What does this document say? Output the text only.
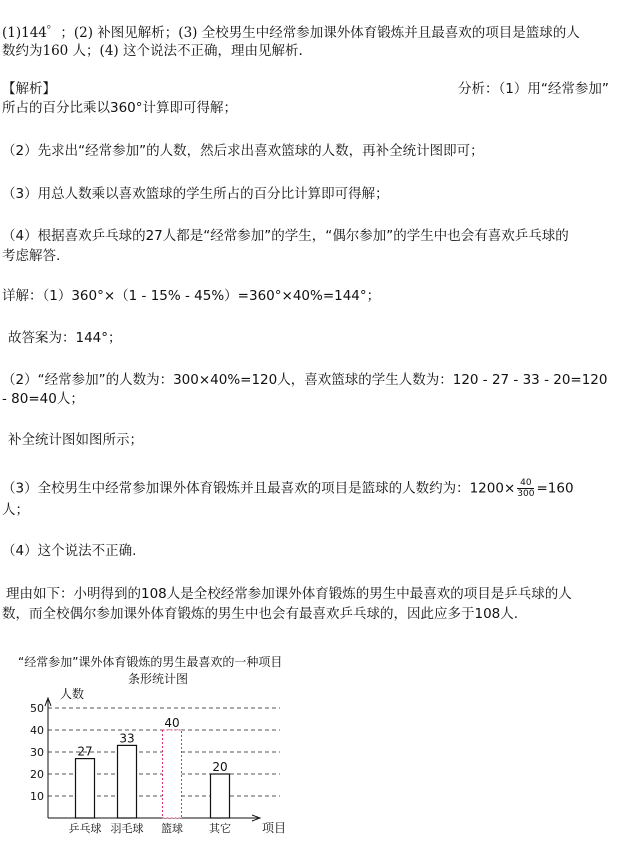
(1)144゜；(2) 补图见解析；(3) 全校男生中经常参加课外体育锻炼并且最喜欢的项目是篮球的人
数约为160 人；(4) 这个说法不正确，理由见解析.
【解析】	分析：（1）用“经常参加”
所占的百分比乘以360°计算即可得解；
（2）先求出“经常参加”的人数，然后求出喜欢篮球的人数，再补全统计图即可；
（3）用总人数乘以喜欢篮球的学生所占的百分比计算即可得解；
（4）根据喜欢乒乓球的27人都是“经常参加”的学生，“偶尔参加”的学生中也会有喜欢乒乓球的
考虑解答.
详解：（1）360°×（1 - 15% - 45%）=360°×40%=144°；
故答案为：144°；
（2）“经常参加”的人数为：300×40%=120人，喜欢篮球的学生人数为：120 - 27 - 33 - 20=120
- 80=40人；
补全统计图如图所示；
（3）全校男生中经常参加课外体育锻炼并且最喜欢的项目是篮球的人数约为：$1200\times \frac{40}{300} =160$
人；
（4）这个说法不正确.
理由如下：小明得到的108人是全校经常参加课外体育锻炼的男生中最喜欢的项目是乒乓球的人
数，而全校偶尔参加课外体育锻炼的男生中也会有最喜欢乒乓球的，因此应多于108人.
“经常参加”课外体育锻炼的男生最喜欢的一种项目
条形统计图
人数
项目
10
20
30
40
50
27
乒乓球
33
羽毛球
40
篮球
20
其它
